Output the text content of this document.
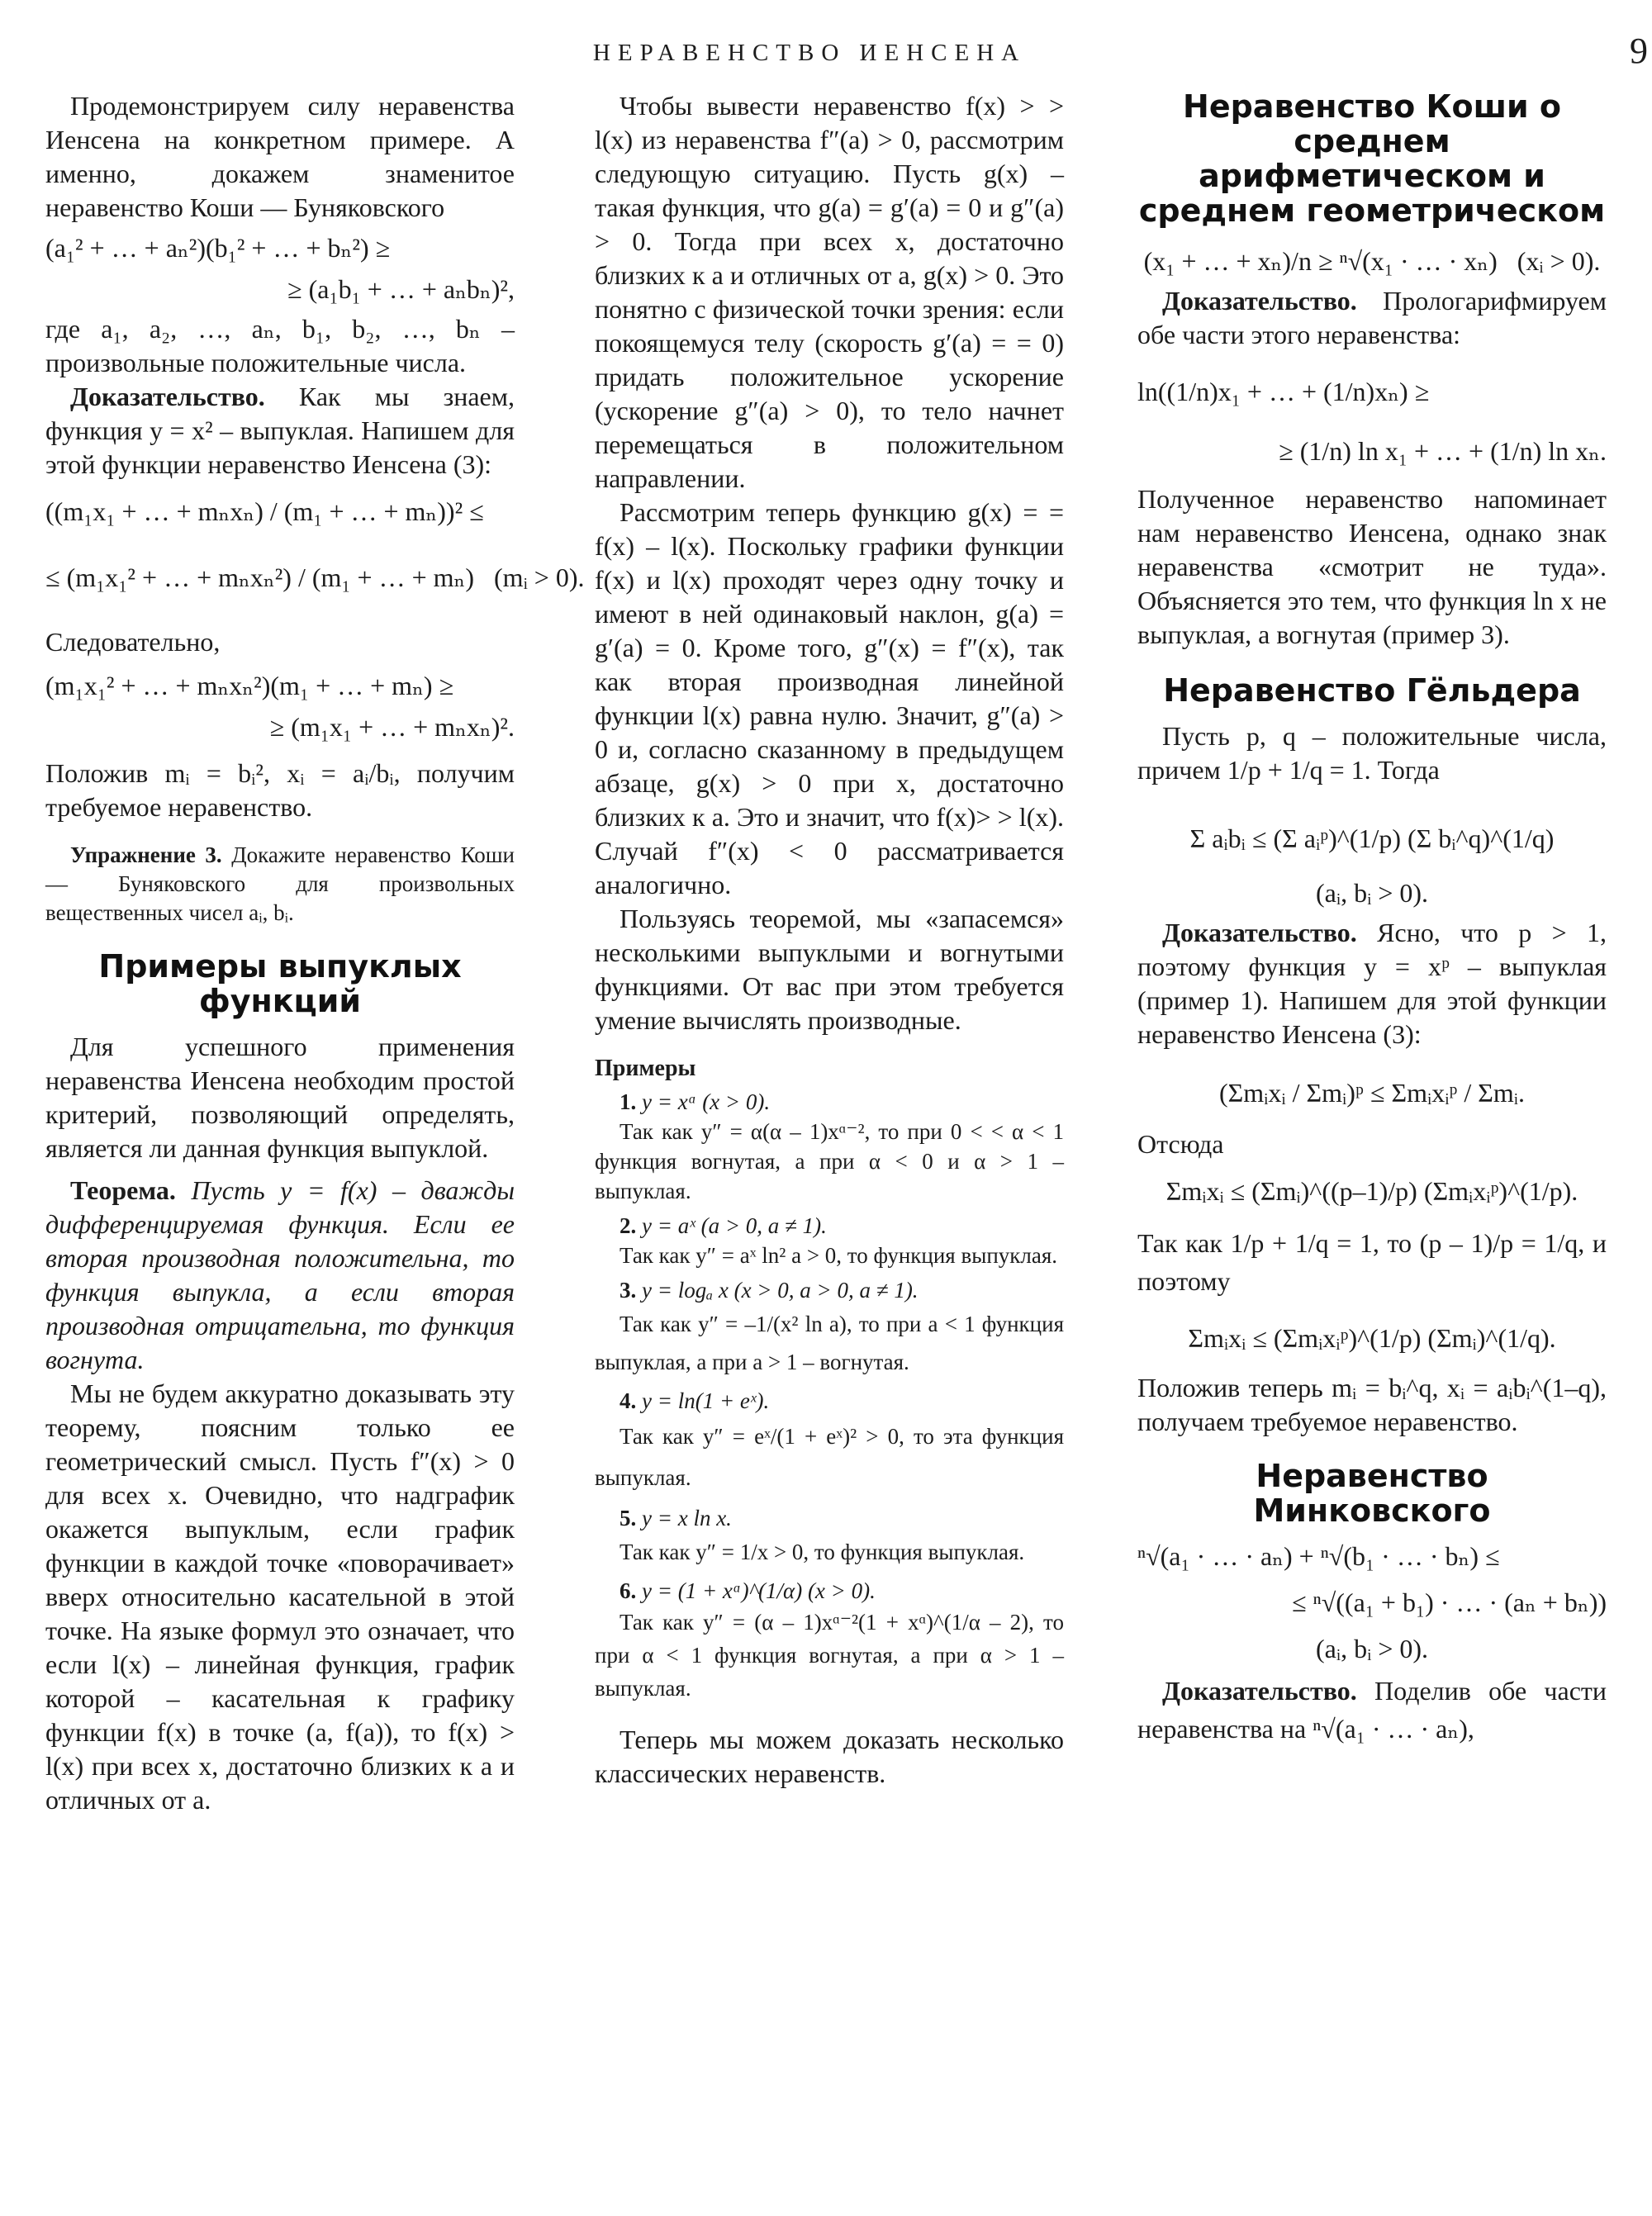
НЕРАВЕНСТВО ИЕНСЕНА	9

Продемонстрируем силу неравенства Иенсена на конкретном примере. А именно, докажем знаменитое неравенство Коши — Буняковского

(a₁² + … + aₙ²)(b₁² + … + bₙ²) ≥
≥ (a₁b₁ + … + aₙbₙ)²,

где a₁, a₂, …, aₙ, b₁, b₂, …, bₙ – произвольные положительные числа.

Доказательство. Как мы знаем, функция y = x² – выпуклая. Напишем для этой функции неравенство Иенсена (3):

((m₁x₁ + … + mₙxₙ) / (m₁ + … + mₙ))² ≤
≤ (m₁x₁² + … + mₙxₙ²) / (m₁ + … + mₙ)   (mᵢ > 0).

Следовательно,

(m₁x₁² + … + mₙxₙ²)(m₁ + … + mₙ) ≥
≥ (m₁x₁ + … + mₙxₙ)².

Положив mᵢ = bᵢ², xᵢ = aᵢ/bᵢ, получим требуемое неравенство.

Упражнение 3. Докажите неравенство Коши — Буняковского для произвольных вещественных чисел aᵢ, bᵢ.

Примеры выпуклых функций

Для успешного применения неравенства Иенсена необходим простой критерий, позволяющий определять, является ли данная функция выпуклой.

Теорема. Пусть y = f(x) – дважды дифференцируемая функция. Если ее вторая производная положительна, то функция выпукла, а если вторая производная отрицательна, то функция вогнута.

Мы не будем аккуратно доказывать эту теорему, поясним только ее геометрический смысл. Пусть f″(x) > 0 для всех x. Очевидно, что надграфик окажется выпуклым, если график функции в каждой точке «поворачивает» вверх относительно касательной в этой точке. На языке формул это означает, что если l(x) – линейная функция, график которой – касательная к графику функции f(x) в точке (a, f(a)), то f(x) > l(x) при всех x, достаточно близких к a и отличных от a.

Чтобы вывести неравенство f(x) > > l(x) из неравенства f″(a) > 0, рассмотрим следующую ситуацию. Пусть g(x) – такая функция, что g(a) = g′(a) = 0 и g″(a) > 0. Тогда при всех x, достаточно близких к a и отличных от a, g(x) > 0. Это понятно с физической точки зрения: если покоящемуся телу (скорость g′(a) = = 0) придать положительное ускорение (ускорение g″(a) > 0), то тело начнет перемещаться в положительном направлении.

Рассмотрим теперь функцию g(x) = = f(x) – l(x). Поскольку графики функции f(x) и l(x) проходят через одну точку и имеют в ней одинаковый наклон, g(a) = g′(a) = 0. Кроме того, g″(x) = f″(x), так как вторая производная линейной функции l(x) равна нулю. Значит, g″(a) > 0 и, согласно сказанному в предыдущем абзаце, g(x) > 0 при x, достаточно близких к a. Это и значит, что f(x)> > l(x). Случай f″(x) < 0 рассматривается аналогично.

Пользуясь теоремой, мы «запасемся» несколькими выпуклыми и вогнутыми функциями. От вас при этом требуется умение вычислять производные.

Примеры

1. y = xᵅ (x > 0).

Так как y″ = α(α – 1)xᵅ⁻², то при 0 < < α < 1 функция вогнутая, а при α < 0 и α > 1 – выпуклая.

2. y = aˣ (a > 0, a ≠ 1).

Так как y″ = aˣ ln² a > 0, то функция выпуклая.

3. y = logₐ x (x > 0, a > 0, a ≠ 1).

Так как y″ = –1/(x² ln a), то при a < 1 функция выпуклая, а при a > 1 – вогнутая.

4. y = ln(1 + eˣ).

Так как y″ = eˣ/(1 + eˣ)² > 0, то эта функция выпуклая.

5. y = x ln x.

Так как y″ = 1/x > 0, то функция выпуклая.

6. y = (1 + xᵅ)^(1/α) (x > 0).

Так как y″ = (α – 1)xᵅ⁻²(1 + xᵅ)^(1/α – 2), то при α < 1 функция вогнутая, а при α > 1 – выпуклая.

Теперь мы можем доказать несколько классических неравенств.

Неравенство Коши о среднем арифметическом и среднем геометрическом
(x₁ + … + xₙ)/n ≥ ⁿ√(x₁ · … · xₙ)   (xᵢ > 0).

Доказательство. Прологарифмируем обе части этого неравенства:

ln((1/n)x₁ + … + (1/n)xₙ) ≥
≥ (1/n) ln x₁ + … + (1/n) ln xₙ.

Полученное неравенство напоминает нам неравенство Иенсена, однако знак неравенства «смотрит не туда». Объясняется это тем, что функция ln x не выпуклая, а вогнутая (пример 3).

Неравенство Гёльдера

Пусть p, q – положительные числа, причем 1/p + 1/q = 1. Тогда

Σ aᵢbᵢ ≤ (Σ aᵢᵖ)^(1/p) (Σ bᵢ^q)^(1/q)
(aᵢ, bᵢ > 0).

Доказательство. Ясно, что p > 1, поэтому функция y = xᵖ – выпуклая (пример 1). Напишем для этой функции неравенство Иенсена (3):

(Σmᵢxᵢ / Σmᵢ)ᵖ ≤ Σmᵢxᵢᵖ / Σmᵢ.

Отсюда

Σmᵢxᵢ ≤ (Σmᵢ)^((p–1)/p) (Σmᵢxᵢᵖ)^(1/p).

Так как 1/p + 1/q = 1, то (p – 1)/p = 1/q, и поэтому

Σmᵢxᵢ ≤ (Σmᵢxᵢᵖ)^(1/p) (Σmᵢ)^(1/q).

Положив теперь mᵢ = bᵢ^q, xᵢ = aᵢbᵢ^(1–q), получаем требуемое неравенство.

Неравенство Минковского
ⁿ√(a₁ · … · aₙ) + ⁿ√(b₁ · … · bₙ) ≤
≤ ⁿ√((a₁ + b₁) · … · (aₙ + bₙ))
(aᵢ, bᵢ > 0).

Доказательство. Поделив обе части неравенства на ⁿ√(a₁ · … · aₙ),
